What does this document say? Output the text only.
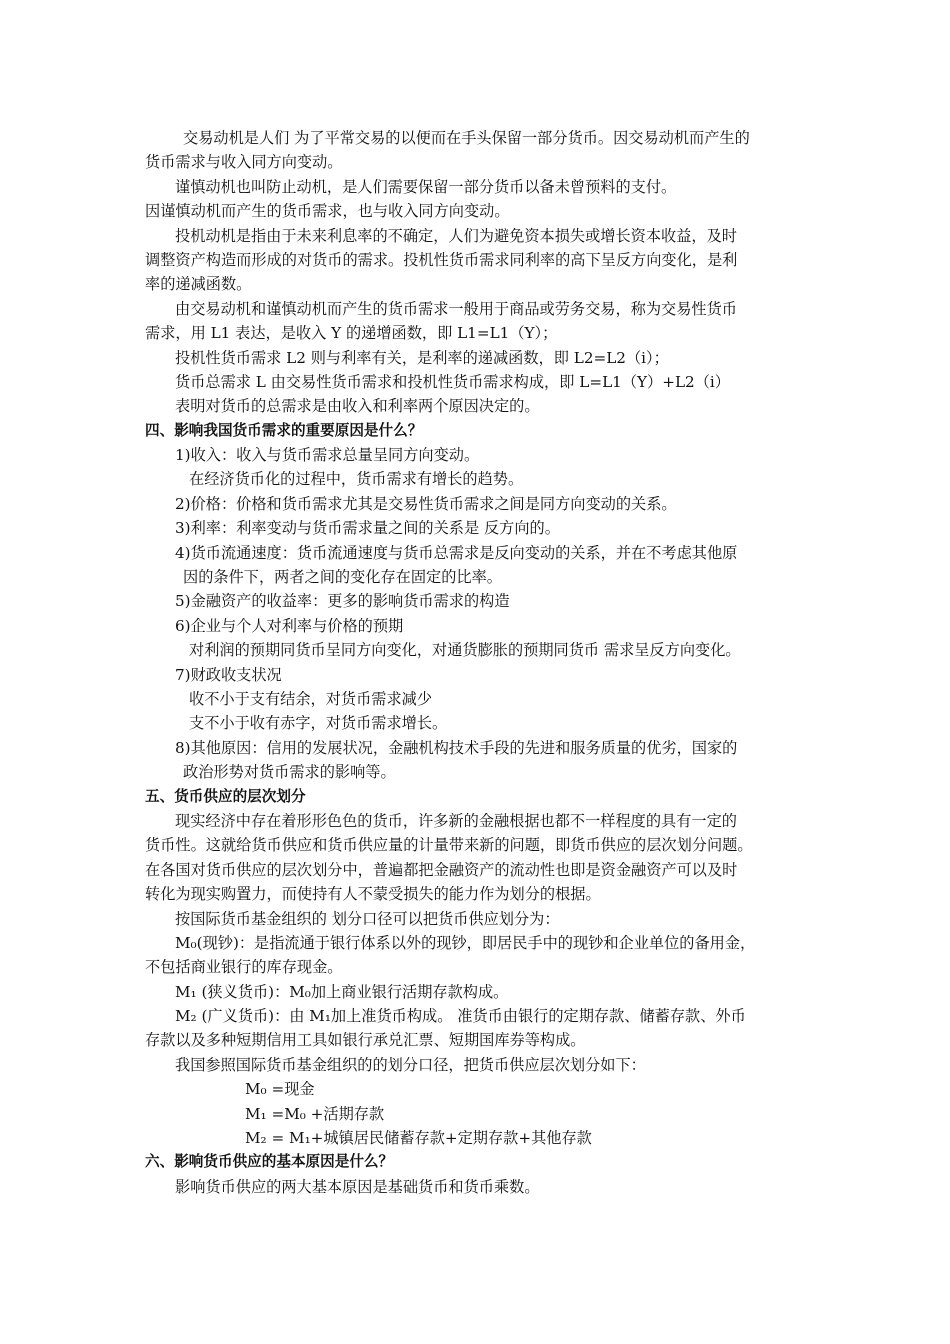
交易动机是人们 为了平常交易的以便而在手头保留一部分货币。因交易动机而产生的
货币需求与收入同方向变动。
谨慎动机也叫防止动机，是人们需要保留一部分货币以备未曾预料的支付。
因谨慎动机而产生的货币需求，也与收入同方向变动。
投机动机是指由于未来利息率的不确定，人们为避免资本损失或增长资本收益，及时
调整资产构造而形成的对货币的需求。投机性货币需求同利率的高下呈反方向变化，是利
率的递减函数。
由交易动机和谨慎动机而产生的货币需求一般用于商品或劳务交易，称为交易性货币
需求，用 L1 表达，是收入 Y 的递增函数，即 L1=L1（Y）；
投机性货币需求 L2 则与利率有关，是利率的递减函数，即 L2=L2（i）；
货币总需求 L 由交易性货币需求和投机性货币需求构成，即 L=L1（Y）+L2（i）
表明对货币的总需求是由收入和利率两个原因决定的。
四、影响我国货币需求的重要原因是什么？
1)收入：收入与货币需求总量呈同方向变动。
在经济货币化的过程中，货币需求有增长的趋势。
2)价格：价格和货币需求尤其是交易性货币需求之间是同方向变动的关系。
3)利率：利率变动与货币需求量之间的关系是 反方向的。
4)货币流通速度：货币流通速度与货币总需求是反向变动的关系，并在不考虑其他原
因的条件下，两者之间的变化存在固定的比率。
5)金融资产的收益率：更多的影响货币需求的构造
6)企业与个人对利率与价格的预期
对利润的预期同货币呈同方向变化，对通货膨胀的预期同货币 需求呈反方向变化。
7)财政收支状况
收不小于支有结余，对货币需求减少
支不小于收有赤字，对货币需求增长。
8)其他原因：信用的发展状况，金融机构技术手段的先进和服务质量的优劣，国家的
政治形势对货币需求的影响等。
五、货币供应的层次划分
现实经济中存在着形形色色的货币，许多新的金融根据也都不一样程度的具有一定的
货币性。这就给货币供应和货币供应量的计量带来新的问题，即货币供应的层次划分问题。
在各国对货币供应的层次划分中，普遍都把金融资产的流动性也即是资金融资产可以及时
转化为现实购置力，而使持有人不蒙受损失的能力作为划分的根据。
按国际货币基金组织的 划分口径可以把货币供应划分为：
M₀(现钞)：是指流通于银行体系以外的现钞，即居民手中的现钞和企业单位的备用金，
不包括商业银行的库存现金。
M₁ (狭义货币)：M₀加上商业银行活期存款构成。
M₂ (广义货币)：由 M₁加上准货币构成。 准货币由银行的定期存款、储蓄存款、外币
存款以及多种短期信用工具如银行承兑汇票、短期国库券等构成。
我国参照国际货币基金组织的的划分口径，把货币供应层次划分如下：
M₀ =现金
M₁ =M₀ +活期存款
M₂ = M₁+城镇居民储蓄存款+定期存款+其他存款
六、影响货币供应的基本原因是什么？
影响货币供应的两大基本原因是基础货币和货币乘数。
